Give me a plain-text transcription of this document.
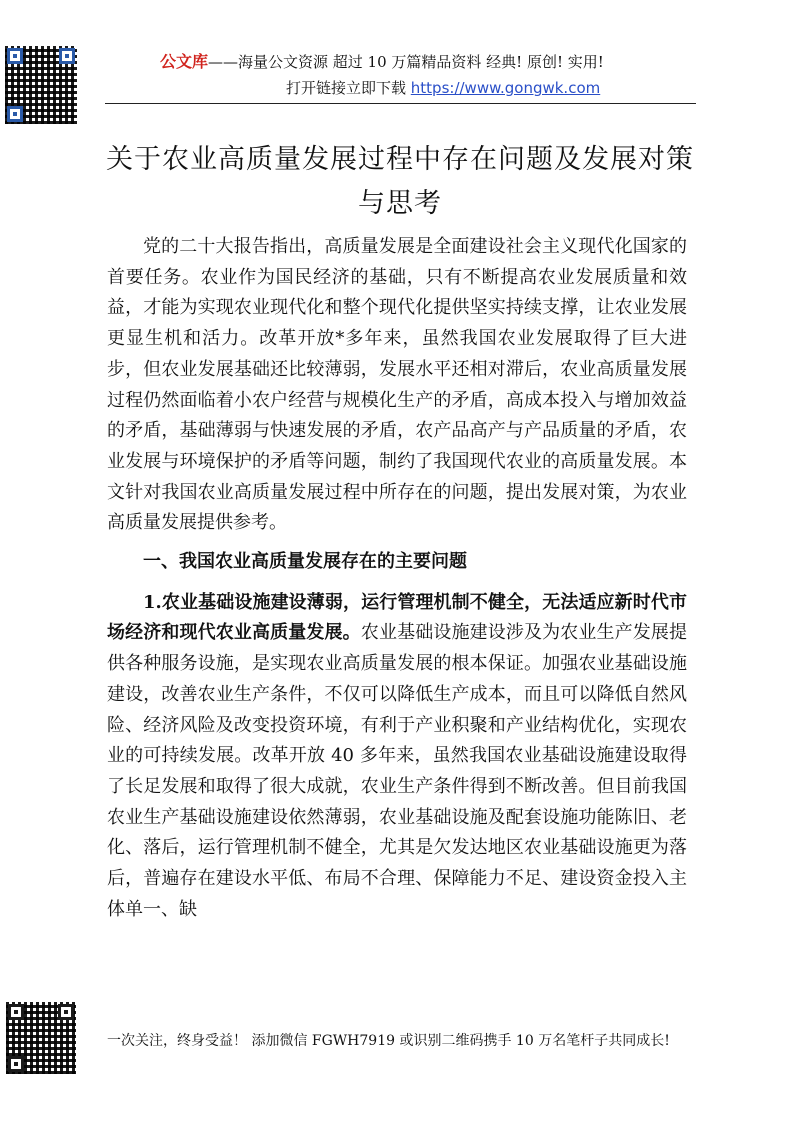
公文库——海量公文资源 超过 10 万篇精品资料 经典! 原创! 实用!
打开链接立即下载 https://www.gongwk.com
关于农业高质量发展过程中存在问题及发展对策与思考

党的二十大报告指出，高质量发展是全面建设社会主义现代化国家的首要任务。农业作为国民经济的基础，只有不断提高农业发展质量和效益，才能为实现农业现代化和整个现代化提供坚实持续支撑，让农业发展更显生机和活力。改革开放*多年来，虽然我国农业发展取得了巨大进步，但农业发展基础还比较薄弱，发展水平还相对滞后，农业高质量发展过程仍然面临着小农户经营与规模化生产的矛盾，高成本投入与增加效益的矛盾，基础薄弱与快速发展的矛盾，农产品高产与产品质量的矛盾，农业发展与环境保护的矛盾等问题，制约了我国现代农业的高质量发展。本文针对我国农业高质量发展过程中所存在的问题，提出发展对策，为农业高质量发展提供参考。

一、我国农业高质量发展存在的主要问题

1.农业基础设施建设薄弱，运行管理机制不健全，无法适应新时代市场经济和现代农业高质量发展。农业基础设施建设涉及为农业生产发展提供各种服务设施，是实现农业高质量发展的根本保证。加强农业基础设施建设，改善农业生产条件，不仅可以降低生产成本，而且可以降低自然风险、经济风险及改变投资环境，有利于产业积聚和产业结构优化，实现农业的可持续发展。改革开放 40 多年来，虽然我国农业基础设施建设取得了长足发展和取得了很大成就，农业生产条件得到不断改善。但目前我国农业生产基础设施建设依然薄弱，农业基础设施及配套设施功能陈旧、老化、落后，运行管理机制不健全，尤其是欠发达地区农业基础设施更为落后，普遍存在建设水平低、布局不合理、保障能力不足、建设资金投入主体单一、缺

一次关注，终身受益！ 添加微信 FGWH7919 或识别二维码携手 10 万名笔杆子共同成长!
